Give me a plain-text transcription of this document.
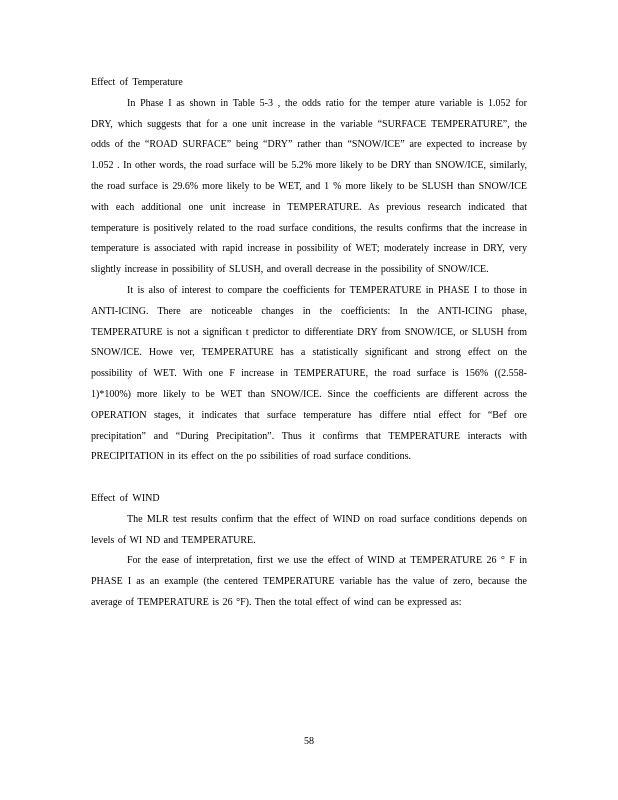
Effect of Temperature

In Phase I as shown in Table 5-3 , the odds ratio for the temper ature variable is 1.052 for DRY, which suggests that for a one unit increase in the variable “SURFACE TEMPERATURE”, the odds of the “ROAD SURFACE” being “DRY” rather than “SNOW/ICE” are expected to increase by 1.052 . In other words, the road surface will be 5.2% more likely to be DRY than SNOW/ICE, similarly, the road surface is 29.6% more likely to be WET, and 1 % more likely to be SLUSH than SNOW/ICE with each additional one unit increase in TEMPERATURE. As previous research indicated that temperature is positively related to the road surface conditions, the results confirms that the increase in temperature is associated with rapid increase in possibility of WET; moderately increase in DRY, very slightly increase in possibility of SLUSH, and overall decrease in the possibility of SNOW/ICE.

It is also of interest to compare the coefficients for TEMPERATURE in PHASE I to those in ANTI-ICING. There are noticeable changes in the coefficients: In the ANTI-ICING phase, TEMPERATURE is not a significan t predictor to differentiate DRY from SNOW/ICE, or SLUSH from SNOW/ICE. Howe ver, TEMPERATURE has a statistically significant and strong effect on the possibility of WET. With one F increase in TEMPERATURE, the road surface is 156% ((2.558-1)*100%) more likely to be WET than SNOW/ICE. Since the coefficients are different across the OPERATION stages, it indicates that surface temperature has differe ntial effect for “Bef ore precipitation” and “During Precipitation”. Thus it confirms that TEMPERATURE interacts with PRECIPITATION in its effect on the po ssibilities of road surface conditions.

Effect of WIND

The MLR test results confirm that the effect of WIND on road surface conditions depends on levels of WI ND and TEMPERATURE.

For the ease of interpretation, first we use the effect of WIND at TEMPERATURE 26 ° F in PHASE I as an example (the centered TEMPERATURE variable has the value of zero, because the average of TEMPERATURE is 26 °F). Then the total effect of wind can be expressed as:

58
